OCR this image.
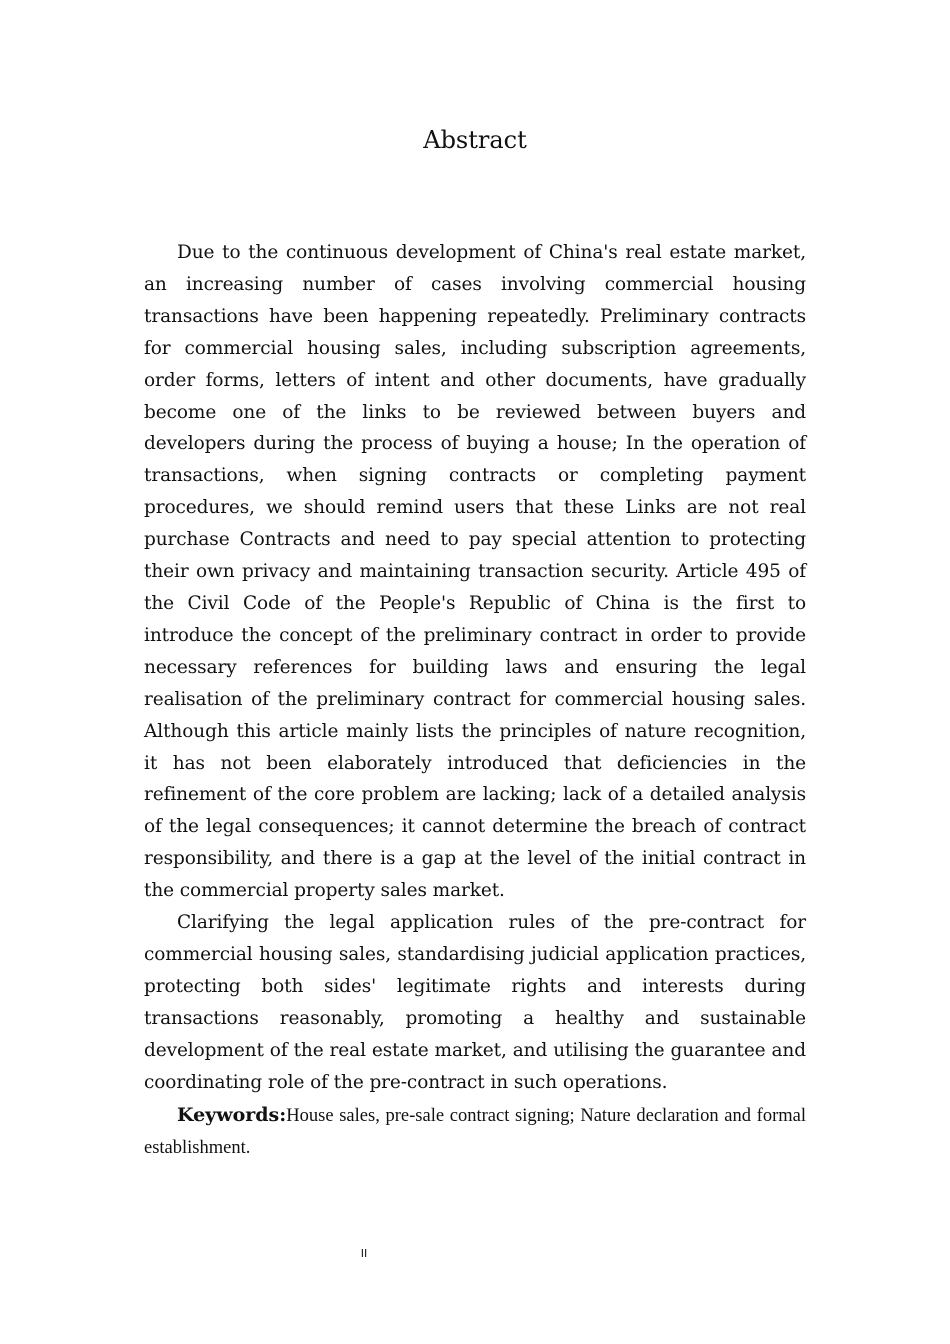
Abstract

Due to the continuous development of China's real estate market, an increasing number of cases involving commercial housing transactions have been happening repeatedly. Preliminary contracts for commercial housing sales, including subscription agreements, order forms, letters of intent and other documents, have gradually become one of the links to be reviewed between buyers and developers during the process of buying a house; In the operation of transactions, when signing contracts or completing payment procedures, we should remind users that these Links are not real purchase Contracts and need to pay special attention to protecting their own privacy and maintaining transaction security. Article 495 of the Civil Code of the People's Republic of China is the first to introduce the concept of the preliminary contract in order to provide necessary references for building laws and ensuring the legal realisation of the preliminary contract for commercial housing sales. Although this article mainly lists the principles of nature recognition, it has not been elaborately introduced that deficiencies in the refinement of the core problem are lacking; lack of a detailed analysis of the legal consequences; it cannot determine the breach of contract responsibility, and there is a gap at the level of the initial contract in the commercial property sales market.

Clarifying the legal application rules of the pre-contract for commercial housing sales, standardising judicial application practices, protecting both sides' legitimate rights and interests during transactions reasonably, promoting a healthy and sustainable development of the real estate market, and utilising the guarantee and coordinating role of the pre-contract in such operations.

Keywords:House sales, pre-sale contract signing; Nature declaration and formal establishment.

II
